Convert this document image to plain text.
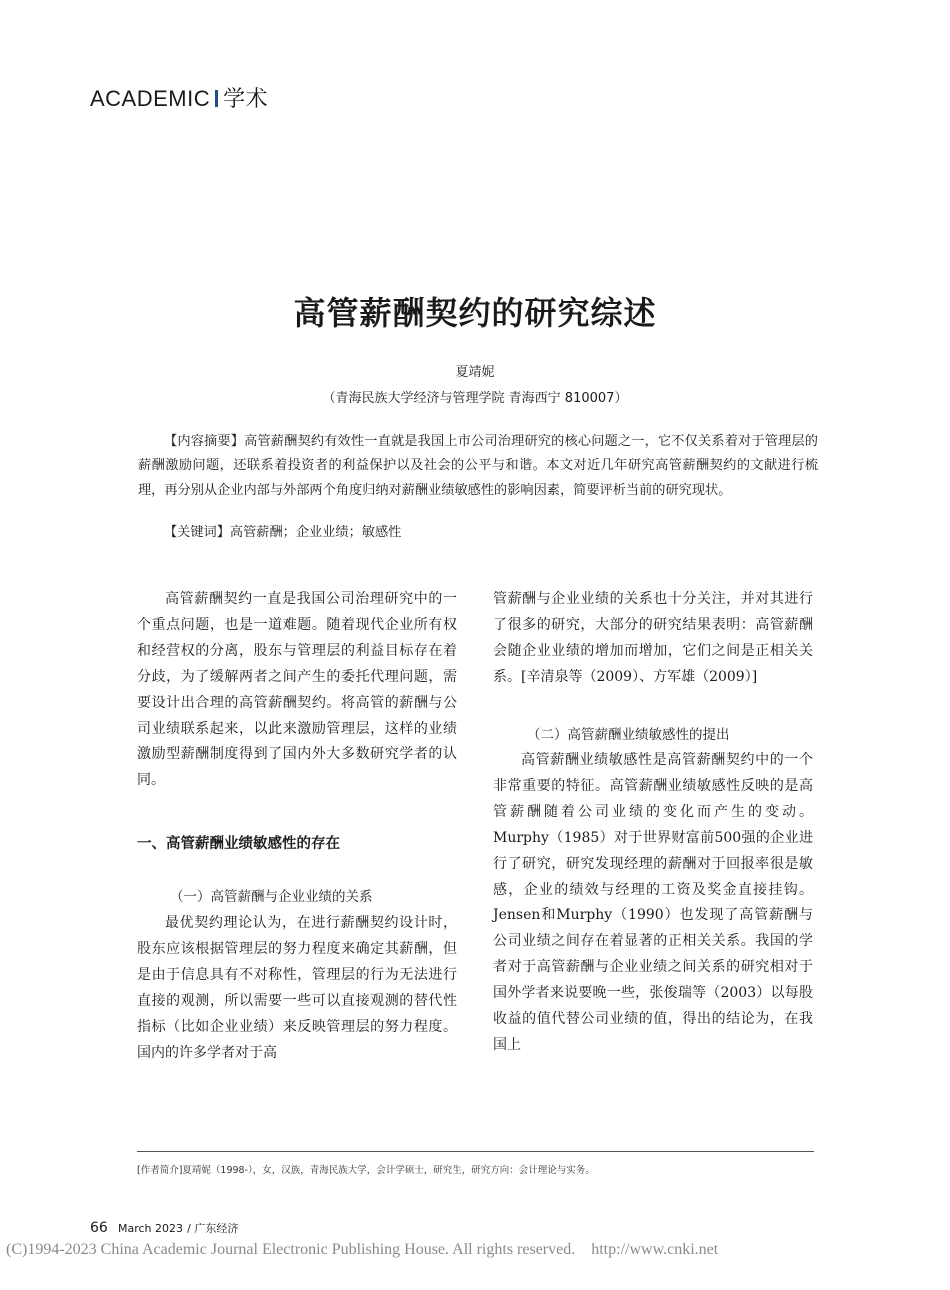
ACADEMIC 学术
高管薪酬契约的研究综述
夏靖妮
（青海民族大学经济与管理学院 青海西宁 810007）

【内容摘要】高管薪酬契约有效性一直就是我国上市公司治理研究的核心问题之一，它不仅关系着对于管理层的薪酬激励问题，还联系着投资者的利益保护以及社会的公平与和谐。本文对近几年研究高管薪酬契约的文献进行梳理，再分别从企业内部与外部两个角度归纳对薪酬业绩敏感性的影响因素，简要评析当前的研究现状。

【关键词】高管薪酬；企业业绩；敏感性

高管薪酬契约一直是我国公司治理研究中的一个重点问题，也是一道难题。随着现代企业所有权和经营权的分离，股东与管理层的利益目标存在着分歧，为了缓解两者之间产生的委托代理问题，需要设计出合理的高管薪酬契约。将高管的薪酬与公司业绩联系起来，以此来激励管理层，这样的业绩激励型薪酬制度得到了国内外大多数研究学者的认同。

一、高管薪酬业绩敏感性的存在
（一）高管薪酬与企业业绩的关系

最优契约理论认为，在进行薪酬契约设计时，股东应该根据管理层的努力程度来确定其薪酬，但是由于信息具有不对称性，管理层的行为无法进行直接的观测，所以需要一些可以直接观测的替代性指标（比如企业业绩）来反映管理层的努力程度。国内的许多学者对于高

管薪酬与企业业绩的关系也十分关注，并对其进行了很多的研究，大部分的研究结果表明：高管薪酬会随企业业绩的增加而增加，它们之间是正相关关系。[辛清泉等（2009）、方军雄（2009）]

（二）高管薪酬业绩敏感性的提出

高管薪酬业绩敏感性是高管薪酬契约中的一个非常重要的特征。高管薪酬业绩敏感性反映的是高管薪酬随着公司业绩的变化而产生的变动。Murphy（1985）对于世界财富前500强的企业进行了研究，研究发现经理的薪酬对于回报率很是敏感，企业的绩效与经理的工资及奖金直接挂钩。Jensen和Murphy（1990）也发现了高管薪酬与公司业绩之间存在着显著的正相关关系。我国的学者对于高管薪酬与企业业绩之间关系的研究相对于国外学者来说要晚一些，张俊瑞等（2003）以每股收益的值代替公司业绩的值，得出的结论为，在我国上

[作者简介]夏靖妮（1998-），女，汉族，青海民族大学，会计学硕士，研究生，研究方向：会计理论与实务。
66 March 2023 / 广东经济
(C)1994-2023 China Academic Journal Electronic Publishing House. All rights reserved. http://www.cnki.net
